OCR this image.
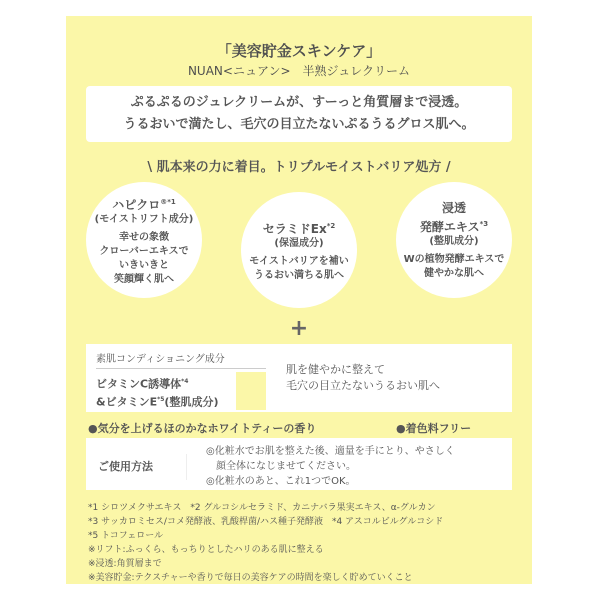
「美容貯金スキンケア」
NUAN<ニュアン>　半熟ジュレクリーム
ぷるぷるのジュレクリームが、すーっと角質層まで浸透。
うるおいで満たし、毛穴の目立たないぷるうるグロス肌へ。
\ 肌本来の力に着目。トリプルモイストバリア処方 /
ハピクロ$^{®*1}$
(モイストリフト成分)
幸せの象徴
クローバーエキスで
いきいきと
笑顔輝く肌へ
セラミドEx$^{*2}$
(保湿成分)
モイストバリアを補い
うるおい満ちる肌へ
浸透
発酵エキス$^{*3}$
(整肌成分)
Wの植物発酵エキスで
健やかな肌へ
+
素肌コンディショニング成分
ビタミンC誘導体$^{*4}$
&ビタミン$E^{*5}$(整肌成分)
肌を健やかに整えて
毛穴の目立たないうるおい肌へ
●気分を上げるほのかなホワイトティーの香り	●着色料フリー
ご使用方法
◎化粧水でお肌を整えた後、適量を手にとり、やさしく
　顔全体になじませてください。
◎化粧水のあと、これ1つでOK。
*1 シロツメクサエキス　*2 グルコシルセラミド、カニナバラ果実エキス、α-グルカン
*3 サッカロミセス/コメ発酵液、乳酸桿菌/ハス種子発酵液　*4 アスコルビルグルコシド
*5 トコフェロール
※リフト:ふっくら、もっちりとしたハリのある肌に整える
※浸透:角質層まで
※美容貯金:テクスチャーや香りで毎日の美容ケアの時間を楽しく貯めていくこと
